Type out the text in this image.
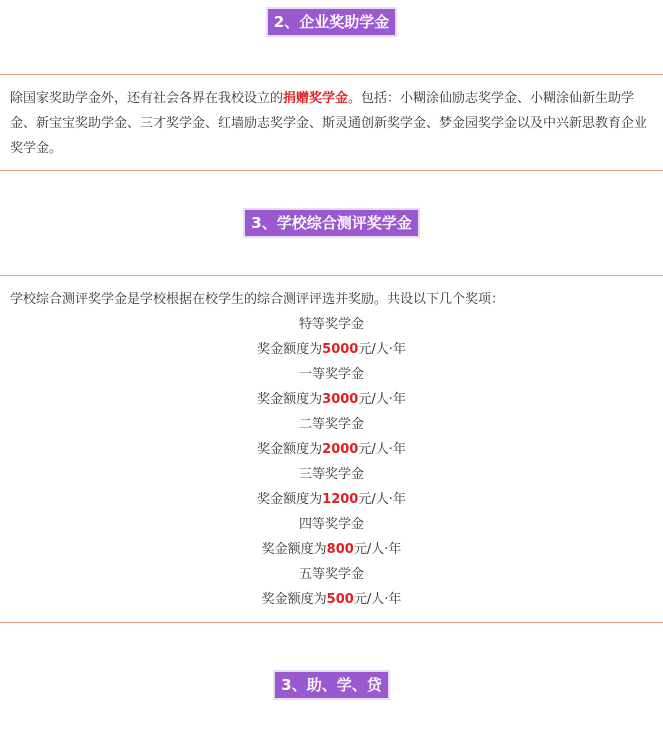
2、企业奖助学金
除国家奖助学金外，还有社会各界在我校设立的捐赠奖学金。包括：小糊涂仙励志奖学金、小糊涂仙新生助学金、新宝宝奖助学金、三才奖学金、红墙励志奖学金、斯灵通创新奖学金、梦金园奖学金以及中兴新思教育企业奖学金。
3、学校综合测评奖学金
学校综合测评奖学金是学校根据在校学生的综合测评评选并奖励。共设以下几个奖项：
特等奖学金
奖金额度为5000元/人·年
一等奖学金
奖金额度为3000元/人·年
二等奖学金
奖金额度为2000元/人·年
三等奖学金
奖金额度为1200元/人·年
四等奖学金
奖金额度为800元/人·年
五等奖学金
奖金额度为500元/人·年
3、助、学、贷
